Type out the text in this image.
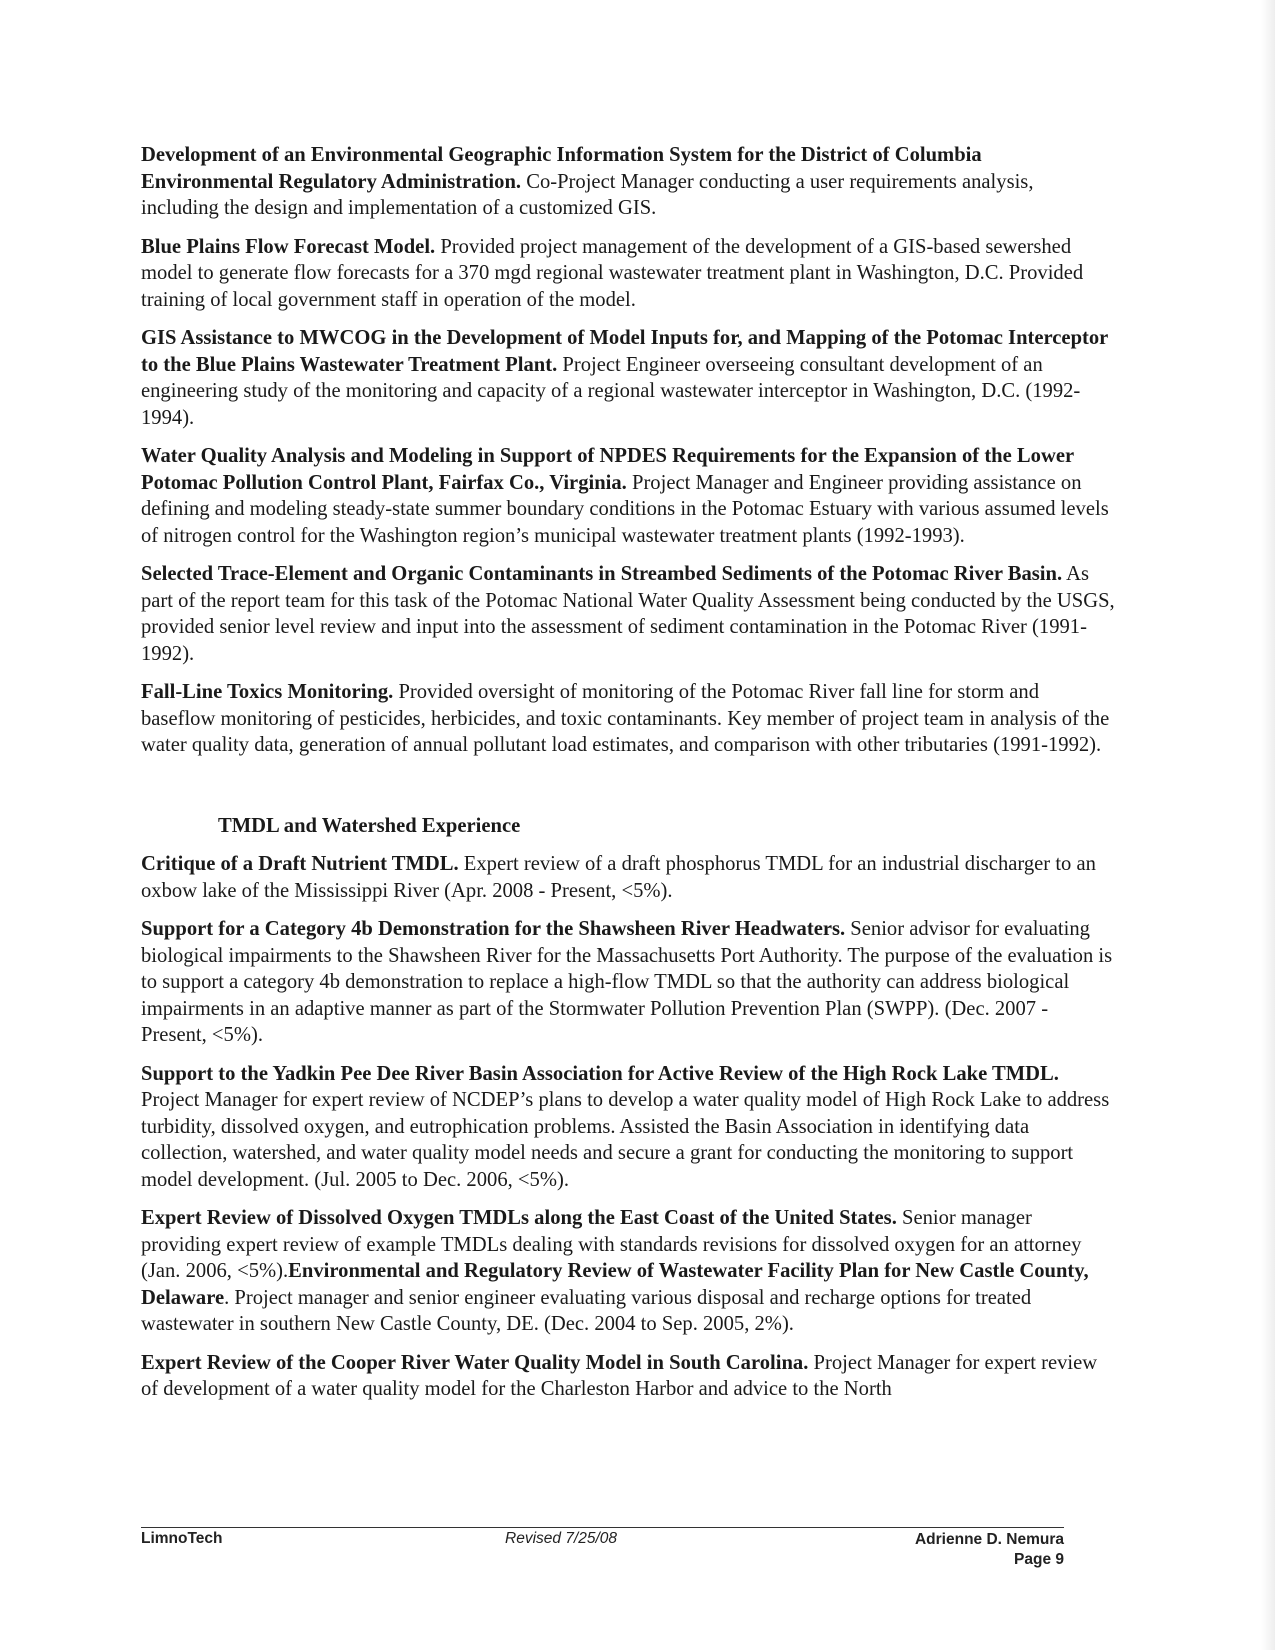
Development of an Environmental Geographic Information System for the District of Columbia Environmental Regulatory Administration. Co-Project Manager conducting a user requirements analysis, including the design and implementation of a customized GIS.

Blue Plains Flow Forecast Model. Provided project management of the development of a GIS-based sewershed model to generate flow forecasts for a 370 mgd regional wastewater treatment plant in Washington, D.C. Provided training of local government staff in operation of the model.

GIS Assistance to MWCOG in the Development of Model Inputs for, and Mapping of the Potomac Interceptor to the Blue Plains Wastewater Treatment Plant. Project Engineer overseeing consultant development of an engineering study of the monitoring and capacity of a regional wastewater interceptor in Washington, D.C. (1992-1994).

Water Quality Analysis and Modeling in Support of NPDES Requirements for the Expansion of the Lower Potomac Pollution Control Plant, Fairfax Co., Virginia. Project Manager and Engineer providing assistance on defining and modeling steady-state summer boundary conditions in the Potomac Estuary with various assumed levels of nitrogen control for the Washington region’s municipal wastewater treatment plants (1992-1993).

Selected Trace-Element and Organic Contaminants in Streambed Sediments of the Potomac River Basin. As part of the report team for this task of the Potomac National Water Quality Assessment being conducted by the USGS, provided senior level review and input into the assessment of sediment contamination in the Potomac River (1991-1992).

Fall-Line Toxics Monitoring. Provided oversight of monitoring of the Potomac River fall line for storm and baseflow monitoring of pesticides, herbicides, and toxic contaminants. Key member of project team in analysis of the water quality data, generation of annual pollutant load estimates, and comparison with other tributaries (1991-1992).

TMDL and Watershed Experience

Critique of a Draft Nutrient TMDL. Expert review of a draft phosphorus TMDL for an industrial discharger to an oxbow lake of the Mississippi River (Apr. 2008 - Present, <5%).

Support for a Category 4b Demonstration for the Shawsheen River Headwaters. Senior advisor for evaluating biological impairments to the Shawsheen River for the Massachusetts Port Authority. The purpose of the evaluation is to support a category 4b demonstration to replace a high-flow TMDL so that the authority can address biological impairments in an adaptive manner as part of the Stormwater Pollution Prevention Plan (SWPP). (Dec. 2007 - Present, <5%).

Support to the Yadkin Pee Dee River Basin Association for Active Review of the High Rock Lake TMDL. Project Manager for expert review of NCDEP’s plans to develop a water quality model of High Rock Lake to address turbidity, dissolved oxygen, and eutrophication problems. Assisted the Basin Association in identifying data collection, watershed, and water quality model needs and secure a grant for conducting the monitoring to support model development. (Jul. 2005 to Dec. 2006, <5%).

Expert Review of Dissolved Oxygen TMDLs along the East Coast of the United States. Senior manager providing expert review of example TMDLs dealing with standards revisions for dissolved oxygen for an attorney (Jan. 2006, <5%).Environmental and Regulatory Review of Wastewater Facility Plan for New Castle County, Delaware. Project manager and senior engineer evaluating various disposal and recharge options for treated wastewater in southern New Castle County, DE. (Dec. 2004 to Sep. 2005, 2%).

Expert Review of the Cooper River Water Quality Model in South Carolina. Project Manager for expert review of development of a water quality model for the Charleston Harbor and advice to the North

LimnoTech	Revised 7/25/08	Adrienne D. Nemura
Page 9
